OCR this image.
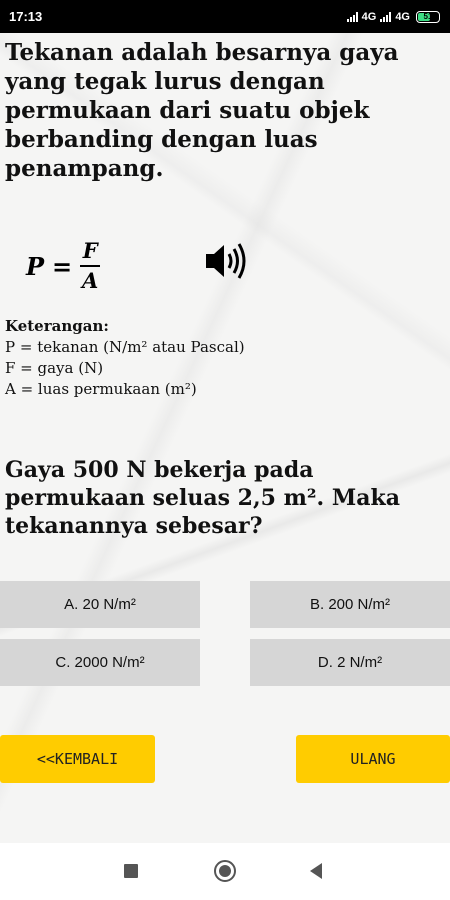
17:13	4G 4G 51
Tekanan adalah besarnya gaya yang tegak lurus dengan permukaan dari suatu objek berbanding dengan luas penampang.
$P = \frac{F}{A}$
Keterangan:
P = tekanan (N/m² atau Pascal)
F = gaya (N)
A = luas permukaan (m²)
Gaya 500 N bekerja pada permukaan seluas 2,5 m². Maka tekanannya sebesar?
A. 20 N/m²	B. 200 N/m²
C. 2000 N/m²	D. 2 N/m²
<<KEMBALI	ULANG
